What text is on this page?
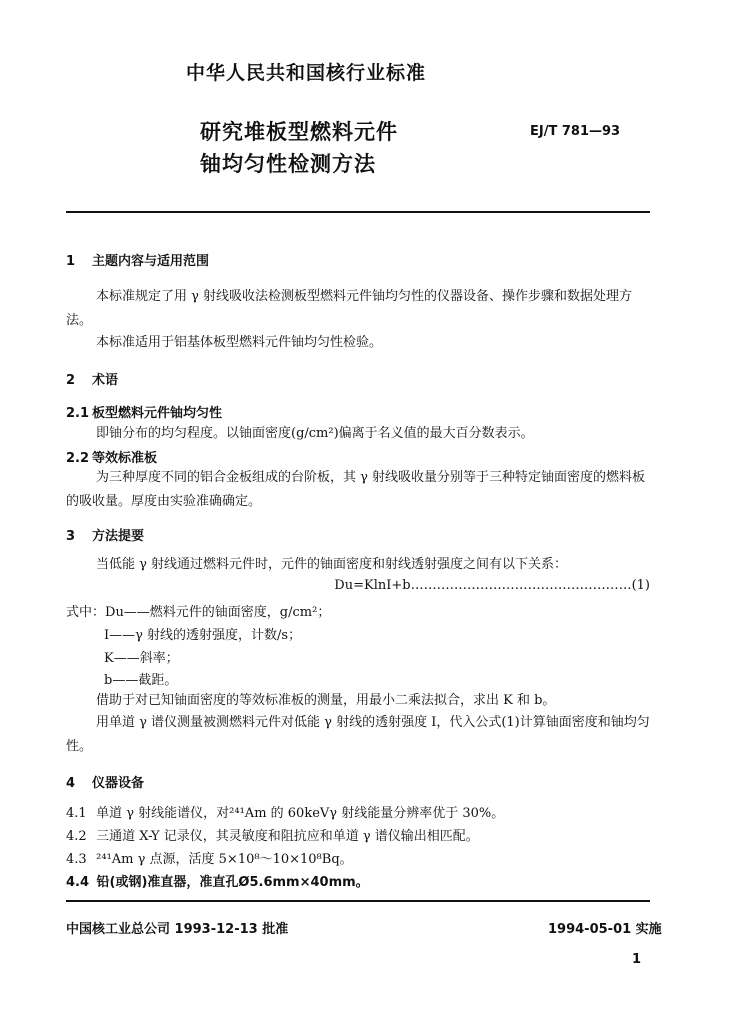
中华人民共和国核行业标准
研究堆板型燃料元件
铀均匀性检测方法
EJ/T 781—93
1 主题内容与适用范围
本标准规定了用 γ 射线吸收法检测板型燃料元件铀均匀性的仪器设备、操作步骤和数据处理方法。
本标准适用于铝基体板型燃料元件铀均匀性检验。
2 术语
2.1 板型燃料元件铀均匀性
即铀分布的均匀程度。以铀面密度(g/cm²)偏离于名义值的最大百分数表示。
2.2 等效标准板
为三种厚度不同的铝合金板组成的台阶板，其 γ 射线吸收量分别等于三种特定铀面密度的燃料板的吸收量。厚度由实验准确确定。
3 方法提要
当低能 γ 射线通过燃料元件时，元件的铀面密度和射线透射强度之间有以下关系：
Du=KlnI+b……………………………………………(1)
式中：Du——燃料元件的铀面密度，g/cm²；
I——γ 射线的透射强度，计数/s；
K——斜率；
b——截距。
借助于对已知铀面密度的等效标准板的测量，用最小二乘法拟合，求出 K 和 b。
用单道 γ 谱仪测量被测燃料元件对低能 γ 射线的透射强度 I，代入公式(1)计算铀面密度和铀均匀性。
4 仪器设备
4.1 单道 γ 射线能谱仪，对²⁴¹Am 的 60keVγ 射线能量分辨率优于 30%。
4.2 三通道 X-Y 记录仪，其灵敏度和阻抗应和单道 γ 谱仪输出相匹配。
4.3 ²⁴¹Am γ 点源，活度 5×10⁸～10×10⁸Bq。
4.4 铅(或钢)准直器，准直孔Ø5.6mm×40mm。
中国核工业总公司 1993-12-13 批准	1994-05-01 实施
1
